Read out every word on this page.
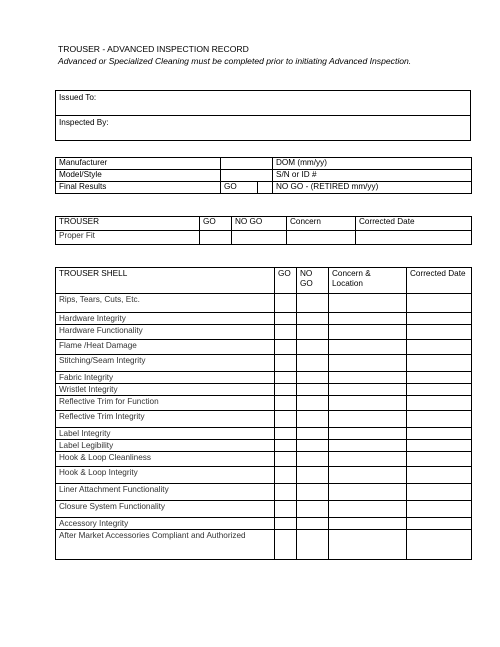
TROUSER - ADVANCED INSPECTION RECORD
Advanced or Specialized Cleaning must be completed prior to initiating Advanced Inspection.
Issued To:
Inspected By:
Manufacturer			DOM (mm/yy)
Model/Style			S/N or ID #
Final Results	GO		NO GO - (RETIRED mm/yy)
TROUSER	GO	NO GO	Concern	Corrected Date
Proper Fit				
TROUSER SHELL	GO	NO GO	Concern & Location	Corrected Date
Rips, Tears, Cuts, Etc.				
Hardware Integrity				
Hardware Functionality				
Flame /Heat Damage				
Stitching/Seam Integrity				
Fabric Integrity				
Wristlet Integrity				
Reflective Trim for Function				
Reflective Trim Integrity				
Label Integrity				
Label Legibility				
Hook & Loop Cleanliness				
Hook & Loop Integrity				
Liner Attachment Functionality				
Closure System Functionality				
Accessory Integrity				
After Market Accessories Compliant and Authorized				
